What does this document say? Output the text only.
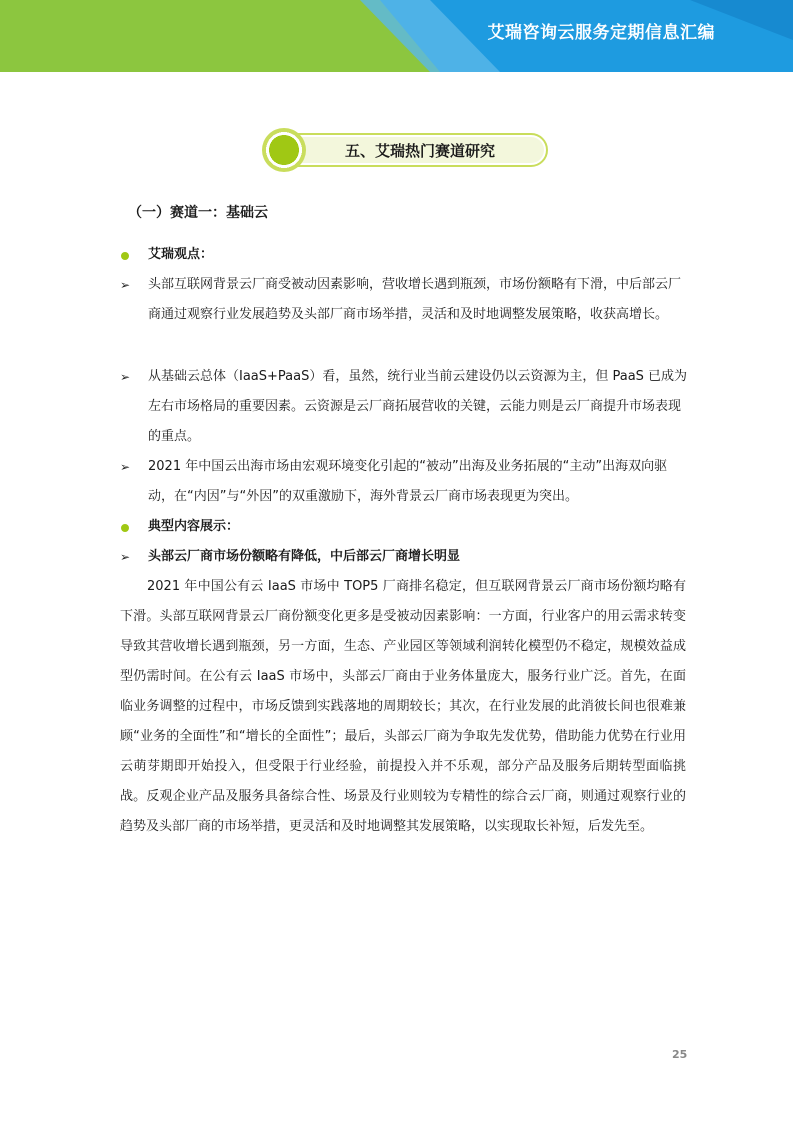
艾瑞咨询云服务定期信息汇编
五、艾瑞热门赛道研究
（一）赛道一：基础云
艾瑞观点：
➢ 头部互联网背景云厂商受被动因素影响，营收增长遇到瓶颈，市场份额略有下滑，中后部云厂商通过观察行业发展趋势及头部厂商市场举措，灵活和及时地调整发展策略，收获高增长。
➢ 从基础云总体（IaaS+PaaS）看，虽然，统行业当前云建设仍以云资源为主，但 PaaS 已成为左右市场格局的重要因素。云资源是云厂商拓展营收的关键，云能力则是云厂商提升市场表现的重点。
➢ 2021 年中国云出海市场由宏观环境变化引起的“被动”出海及业务拓展的“主动”出海双向驱动，在“内因”与“外因”的双重激励下，海外背景云厂商市场表现更为突出。
典型内容展示：
➢ 头部云厂商市场份额略有降低，中后部云厂商增长明显
2021 年中国公有云 IaaS 市场中 TOP5 厂商排名稳定，但互联网背景云厂商市场份额均略有下滑。头部互联网背景云厂商份额变化更多是受被动因素影响：一方面，行业客户的用云需求转变导致其营收增长遇到瓶颈，另一方面，生态、产业园区等领域利润转化模型仍不稳定，规模效益成型仍需时间。在公有云 IaaS 市场中，头部云厂商由于业务体量庞大，服务行业广泛。首先，在面临业务调整的过程中，市场反馈到实践落地的周期较长；其次，在行业发展的此消彼长间也很难兼顾“业务的全面性”和“增长的全面性”；最后，头部云厂商为争取先发优势，借助能力优势在行业用云萌芽期即开始投入，但受限于行业经验，前提投入并不乐观，部分产品及服务后期转型面临挑战。反观企业产品及服务具备综合性、场景及行业则较为专精性的综合云厂商，则通过观察行业的趋势及头部厂商的市场举措，更灵活和及时地调整其发展策略，以实现取长补短，后发先至。
25
